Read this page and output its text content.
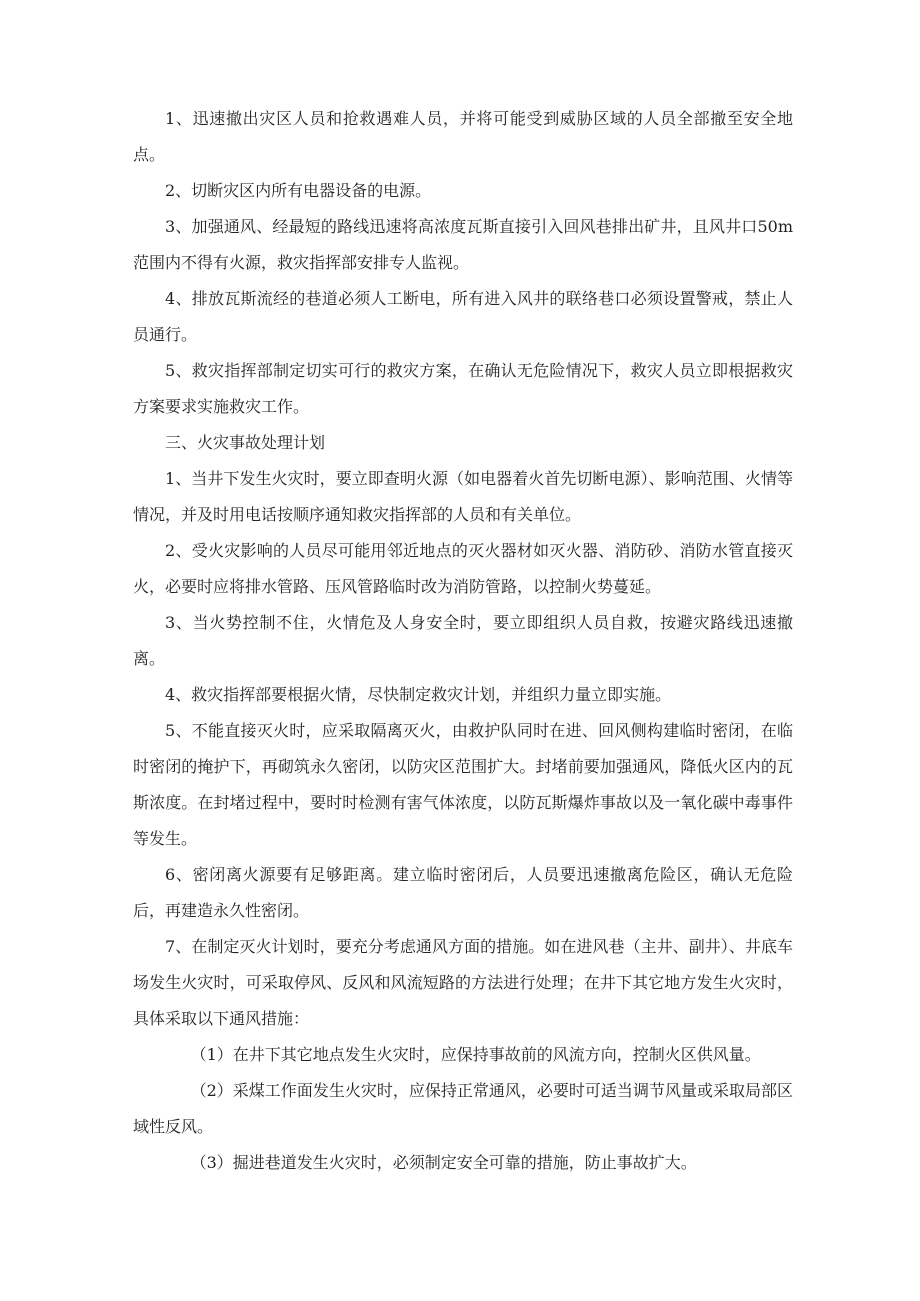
1、迅速撤出灾区人员和抢救遇难人员，并将可能受到威胁区域的人员全部撤至安全地点。

2、切断灾区内所有电器设备的电源。

3、加强通风、经最短的路线迅速将高浓度瓦斯直接引入回风巷排出矿井，且风井口50m范围内不得有火源，救灾指挥部安排专人监视。

4、排放瓦斯流经的巷道必须人工断电，所有进入风井的联络巷口必须设置警戒，禁止人员通行。

5、救灾指挥部制定切实可行的救灾方案，在确认无危险情况下，救灾人员立即根据救灾方案要求实施救灾工作。

三、火灾事故处理计划

1、当井下发生火灾时，要立即查明火源（如电器着火首先切断电源）、影响范围、火情等情况，并及时用电话按顺序通知救灾指挥部的人员和有关单位。

2、受火灾影响的人员尽可能用邻近地点的灭火器材如灭火器、消防砂、消防水管直接灭火，必要时应将排水管路、压风管路临时改为消防管路，以控制火势蔓延。

3、当火势控制不住，火情危及人身安全时，要立即组织人员自救，按避灾路线迅速撤离。

4、救灾指挥部要根据火情，尽快制定救灾计划，并组织力量立即实施。

5、不能直接灭火时，应采取隔离灭火，由救护队同时在进、回风侧构建临时密闭，在临时密闭的掩护下，再砌筑永久密闭，以防灾区范围扩大。封堵前要加强通风，降低火区内的瓦斯浓度。在封堵过程中，要时时检测有害气体浓度，以防瓦斯爆炸事故以及一氧化碳中毒事件等发生。

6、密闭离火源要有足够距离。建立临时密闭后，人员要迅速撤离危险区，确认无危险后，再建造永久性密闭。

7、在制定灭火计划时，要充分考虑通风方面的措施。如在进风巷（主井、副井）、井底车场发生火灾时，可采取停风、反风和风流短路的方法进行处理；在井下其它地方发生火灾时，具体采取以下通风措施：

（1）在井下其它地点发生火灾时，应保持事故前的风流方向，控制火区供风量。

（2）采煤工作面发生火灾时，应保持正常通风，必要时可适当调节风量或采取局部区域性反风。

（3）掘进巷道发生火灾时，必须制定安全可靠的措施，防止事故扩大。
